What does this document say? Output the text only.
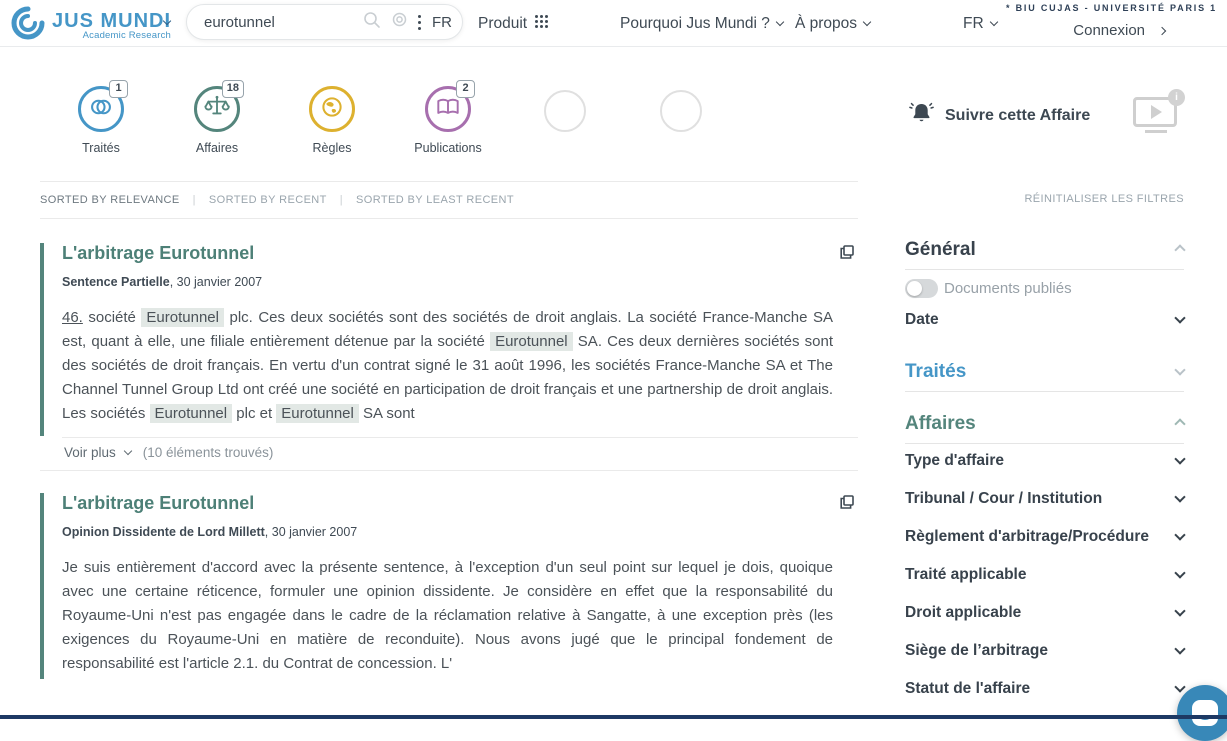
JUS MUNDI
Academic Research
eurotunnel
FR Produit	Pourquoi Jus Mundi ? À propos	FR
* BIU CUJAS - UNIVERSITÉ PARIS 1
Connexion
1
Traités
18
Affaires	Règles
2
Publications
Suivre cette Affaire
i
SORTED BY RELEVANCE | SORTED BY RECENT | SORTED BY LEAST RECENT	RÉINITIALISER LES FILTRES
L'arbitrage Eurotunnel
Sentence Partielle, 30 janvier 2007
46. société Eurotunnel plc. Ces deux sociétés sont des sociétés de droit anglais. La société France-Manche SA est, quant à elle, une filiale entièrement détenue par la société Eurotunnel SA. Ces deux dernières sociétés sont des sociétés de droit français. En vertu d'un contrat signé le 31 août 1996, les sociétés France-Manche SA et The Channel Tunnel Group Ltd ont créé une société en participation de droit français et une partnership de droit anglais. Les sociétés Eurotunnel plc et Eurotunnel SA sont
Voir plus (10 éléments trouvés)
L'arbitrage Eurotunnel
Opinion Dissidente de Lord Millett, 30 janvier 2007
Je suis entièrement d'accord avec la présente sentence, à l'exception d'un seul point sur lequel je dois, quoique avec une certaine réticence, formuler une opinion dissidente. Je considère en effet que la responsabilité du Royaume-Uni n'est pas engagée dans le cadre de la réclamation relative à Sangatte, à une exception près (les exigences du Royaume-Uni en matière de reconduite). Nous avons jugé que le principal fondement de responsabilité est l'article 2.1. du Contrat de concession. L'
Général
Documents publiés
Date
Traités
Affaires
Type d'affaire
Tribunal / Cour / Institution
Règlement d'arbitrage/Procédure
Traité applicable
Droit applicable
Siège de l’arbitrage
Statut de l'affaire
